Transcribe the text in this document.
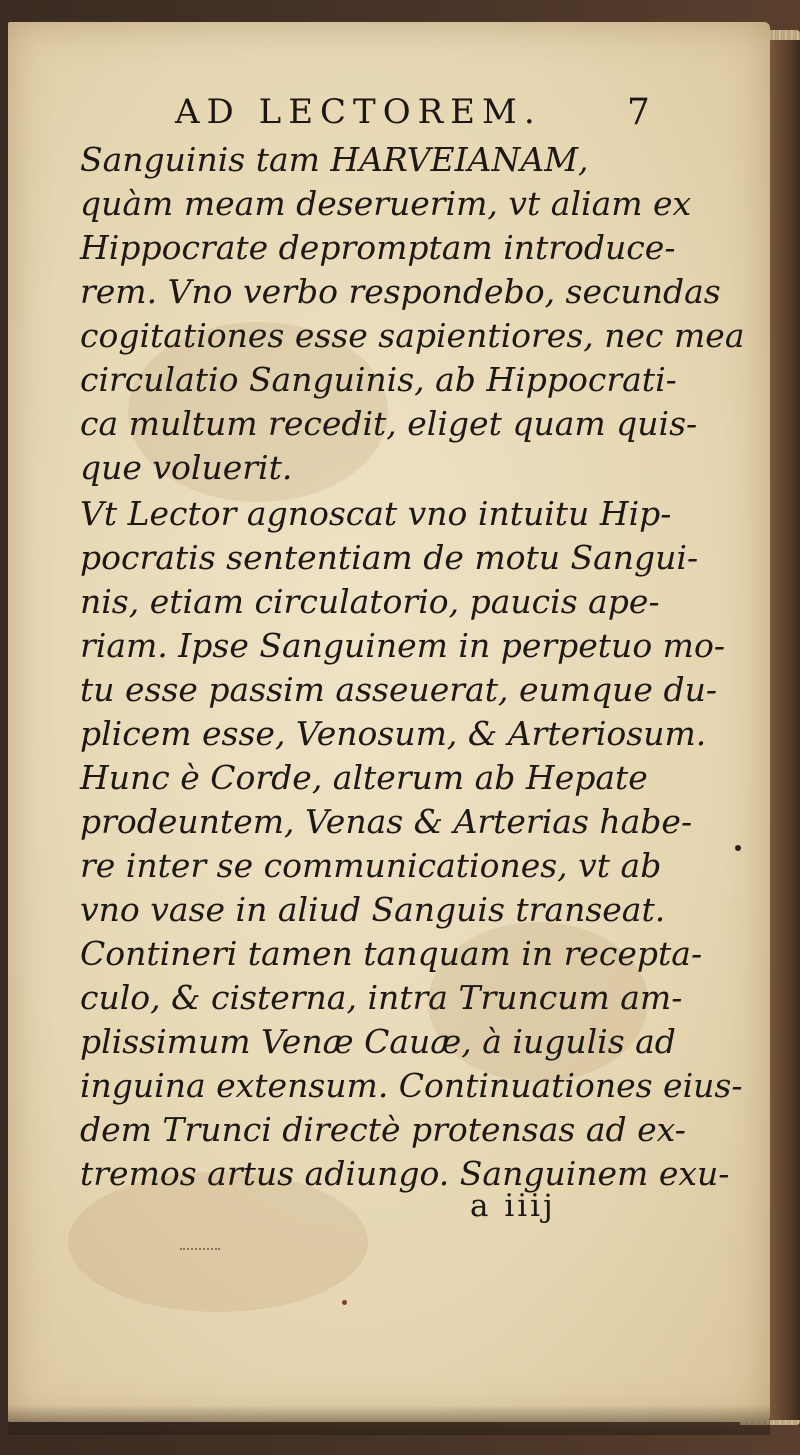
AD LECTOREM. 7
Sanguinis tam HARVEIANAM,
quàm meam deseruerim, vt aliam ex
Hippocrate depromptam introduce-
rem. Vno verbo respondebo, secundas
cogitationes esse sapientiores, nec mea
circulatio Sanguinis, ab Hippocrati-
ca multum recedit, eliget quam quis-
que voluerit.
Vt Lector agnoscat vno intuitu Hip-
pocratis sententiam de motu Sangui-
nis, etiam circulatorio, paucis ape-
riam. Ipse Sanguinem in perpetuo mo-
tu esse passim asseuerat, eumque du-
plicem esse, Venosum, & Arteriosum.
Hunc è Corde, alterum ab Hepate
prodeuntem, Venas & Arterias habe-
re inter se communicationes, vt ab
vno vase in aliud Sanguis transeat.
Contineri tamen tanquam in recepta-
culo, & cisterna, intra Truncum am-
plissimum Venæ Cauæ, à iugulis ad
inguina extensum. Continuationes eius-
dem Trunci directè protensas ad ex-
tremos artus adiungo. Sanguinem exu-
a iiij
